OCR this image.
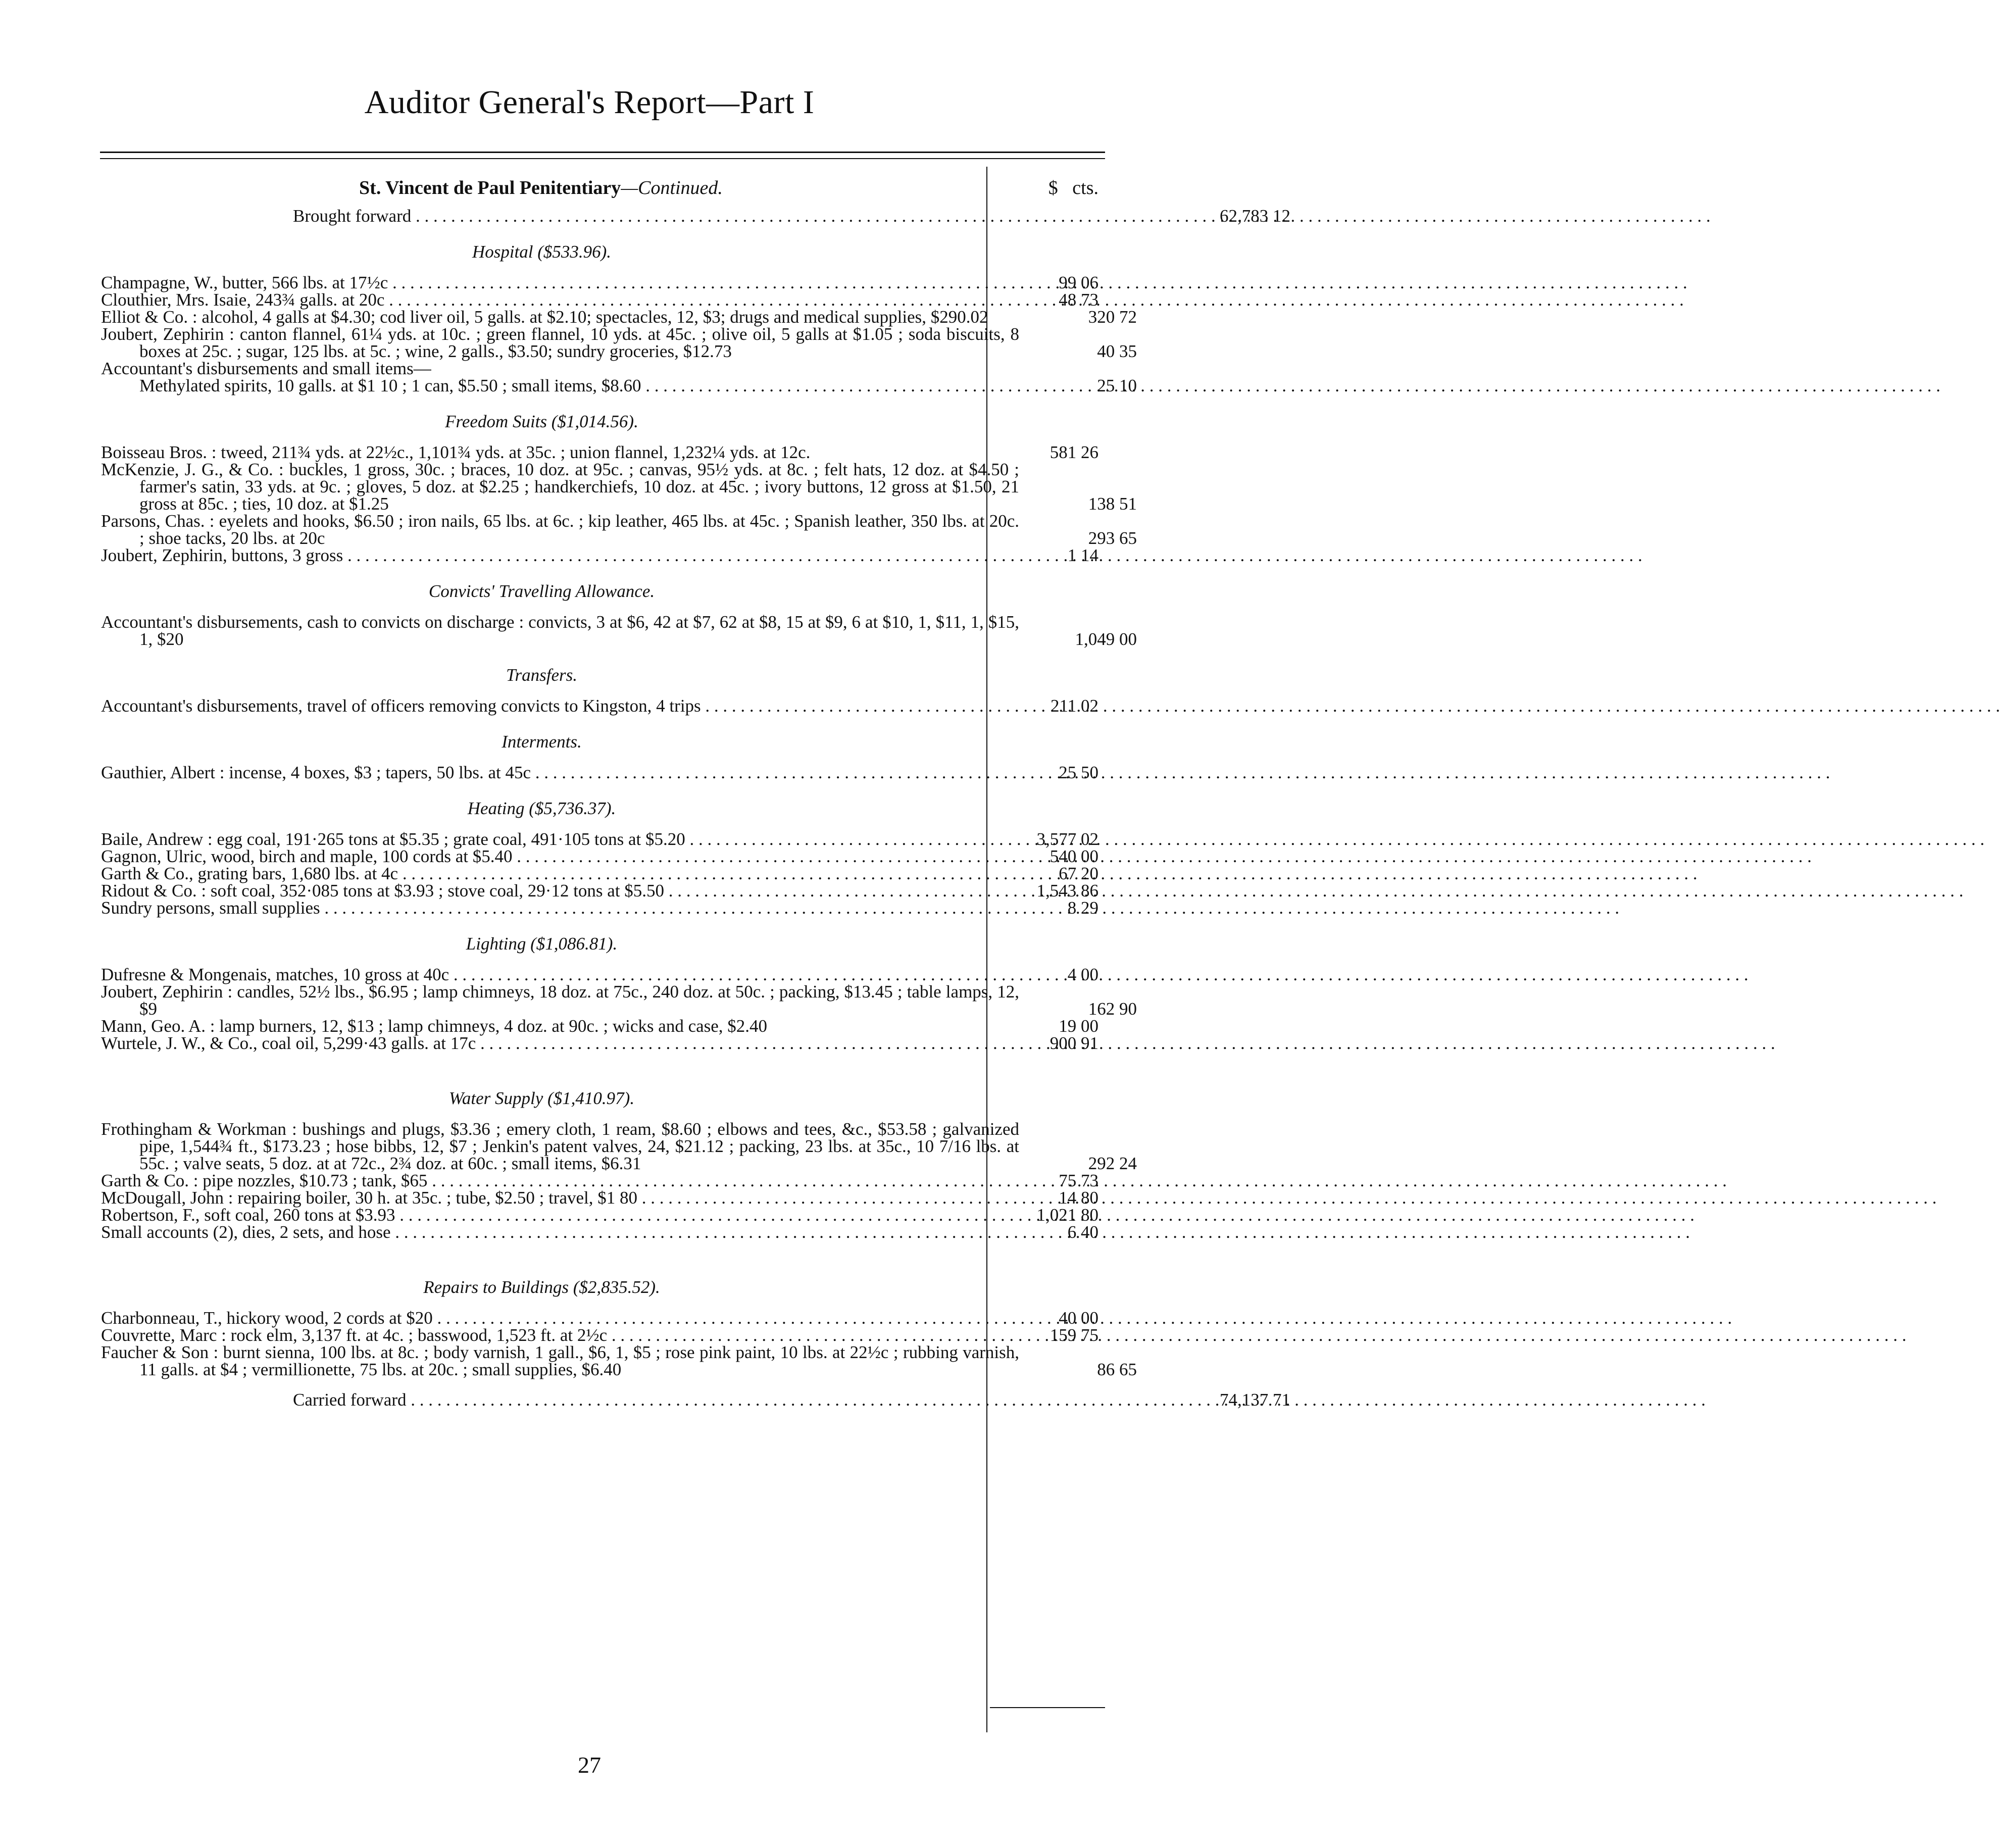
Auditor General's Report—Part I
St. Vincent de Paul Penitentiary—Continued.	$ cts.
Brought forward . . .	62,783 12
Hospital ($533.96).
Champagne, W., butter, 566 lbs. at 17½c . . .	99 06
Clouthier, Mrs. Isaie, 243¾ galls. at 20c . . .	48 73
Elliot & Co. : alcohol, 4 galls at $4.30; cod liver oil, 5 galls. at $2.10; spectacles, 12, $3; drugs and medical supplies, $290.02	320 72
Joubert, Zephirin : canton flannel, 61¼ yds. at 10c. ; green flannel, 10 yds. at 45c. ; olive oil, 5 galls at $1.05 ; soda biscuits, 8 boxes at 25c. ; sugar, 125 lbs. at 5c. ; wine, 2 galls., $3.50; sundry groceries, $12.73	40 35
Accountant's disbursements and small items—
Methylated spirits, 10 galls. at $1 10 ; 1 can, $5.50 ; small items, $8.60 . . .	25 10
Freedom Suits ($1,014.56).
Boisseau Bros. : tweed, 211¾ yds. at 22½c., 1,101¾ yds. at 35c. ; union flannel, 1,232¼ yds. at 12c.	581 26
McKenzie, J. G., & Co. : buckles, 1 gross, 30c. ; braces, 10 doz. at 95c. ; canvas, 95½ yds. at 8c. ; felt hats, 12 doz. at $4.50 ; farmer's satin, 33 yds. at 9c. ; gloves, 5 doz. at $2.25 ; handkerchiefs, 10 doz. at 45c. ; ivory buttons, 12 gross at $1.50, 21 gross at 85c. ; ties, 10 doz. at $1.25	138 51
Parsons, Chas. : eyelets and hooks, $6.50 ; iron nails, 65 lbs. at 6c. ; kip leather, 465 lbs. at 45c. ; Spanish leather, 350 lbs. at 20c. ; shoe tacks, 20 lbs. at 20c	293 65
Joubert, Zephirin, buttons, 3 gross . . .	1 14
Convicts' Travelling Allowance.
Accountant's disbursements, cash to convicts on discharge : convicts, 3 at $6, 42 at $7, 62 at $8, 15 at $9, 6 at $10, 1, $11, 1, $15, 1, $20	1,049 00
Transfers.
Accountant's disbursements, travel of officers removing convicts to Kingston, 4 trips . . .	211 02
Interments.
Gauthier, Albert : incense, 4 boxes, $3 ; tapers, 50 lbs. at 45c . . .	25 50
Heating ($5,736.37).
Baile, Andrew : egg coal, 191·265 tons at $5.35 ; grate coal, 491·105 tons at $5.20 . . .	3,577 02
Gagnon, Ulric, wood, birch and maple, 100 cords at $5.40 . . .	540 00
Garth & Co., grating bars, 1,680 lbs. at 4c . . .	67 20
Ridout & Co. : soft coal, 352·085 tons at $3.93 ; stove coal, 29·12 tons at $5.50 . . .	1,543 86
Sundry persons, small supplies . . .	8 29
Lighting ($1,086.81).
Dufresne & Mongenais, matches, 10 gross at 40c . . .	4 00
Joubert, Zephirin : candles, 52½ lbs., $6.95 ; lamp chimneys, 18 doz. at 75c., 240 doz. at 50c. ; packing, $13.45 ; table lamps, 12, $9	162 90
Mann, Geo. A. : lamp burners, 12, $13 ; lamp chimneys, 4 doz. at 90c. ; wicks and case, $2.40	19 00
Wurtele, J. W., & Co., coal oil, 5,299·43 galls. at 17c . . .	900 91
Water Supply ($1,410.97).
Frothingham & Workman : bushings and plugs, $3.36 ; emery cloth, 1 ream, $8.60 ; elbows and tees, &c., $53.58 ; galvanized pipe, 1,544¾ ft., $173.23 ; hose bibbs, 12, $7 ; Jenkin's patent valves, 24, $21.12 ; packing, 23 lbs. at 35c., 10 7/16 lbs. at 55c. ; valve seats, 5 doz. at at 72c., 2¾ doz. at 60c. ; small items, $6.31	292 24
Garth & Co. : pipe nozzles, $10.73 ; tank, $65 . . .	75 73
McDougall, John : repairing boiler, 30 h. at 35c. ; tube, $2.50 ; travel, $1 80 . . .	14 80
Robertson, F., soft coal, 260 tons at $3.93 . . .	1,021 80
Small accounts (2), dies, 2 sets, and hose . . .	6 40
Repairs to Buildings ($2,835.52).
Charbonneau, T., hickory wood, 2 cords at $20 . . .	40 00
Couvrette, Marc : rock elm, 3,137 ft. at 4c. ; basswood, 1,523 ft. at 2½c . . .	159 75
Faucher & Son : burnt sienna, 100 lbs. at 8c. ; body varnish, 1 gall., $6, 1, $5 ; rose pink paint, 10 lbs. at 22½c ; rubbing varnish, 11 galls. at $4 ; vermillionette, 75 lbs. at 20c. ; small supplies, $6.40	86 65
Carried forward . . .	74,137 71
27
